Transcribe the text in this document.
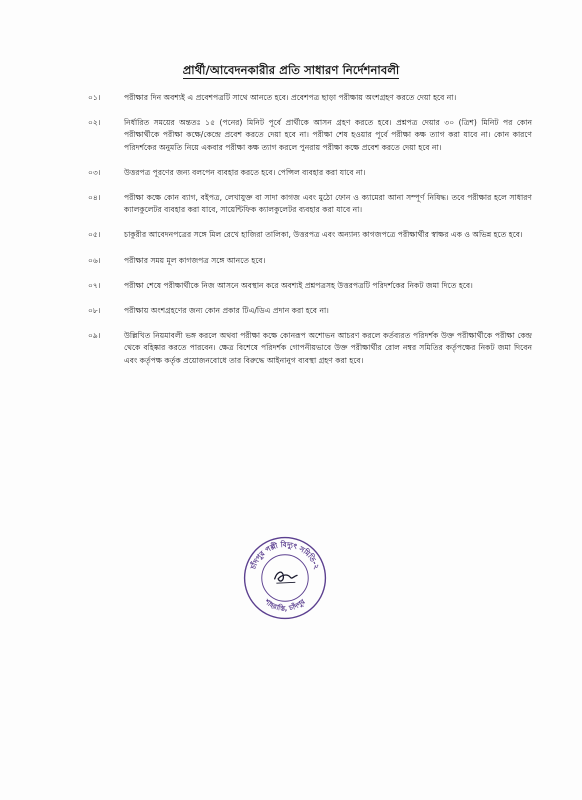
প্রার্থী/আবেদনকারীর প্রতি সাধারণ নির্দেশনাবলী
০১।	পরীক্ষার দিন অবশ্যই এ প্রবেশপত্রটি সাথে আনতে হবে। প্রবেশপত্র ছাড়া পরীক্ষায় অংশগ্রহণ করতে দেয়া হবে না।
০২।	নির্ধারিত সময়ের অন্ততঃ ১৫ (পনের) মিনিট পূর্বে প্রার্থীকে আসন গ্রহণ করতে হবে। প্রশ্নপত্র দেয়ার ৩০ (ত্রিশ) মিনিট পর কোন পরীক্ষার্থীকে পরীক্ষা কক্ষে/কেন্দ্রে প্রবেশ করতে দেয়া হবে না। পরীক্ষা শেষ হওয়ার পূর্বে পরীক্ষা কক্ষ ত্যাগ করা যাবে না। কোন কারণে পরিদর্শকের অনুমতি নিয়ে একবার পরীক্ষা কক্ষ ত্যাগ করলে পুনরায় পরীক্ষা কক্ষে প্রবেশ করতে দেয়া হবে না।
০৩।	উত্তরপত্র পূরণের জন্য বলপেন ব্যবহার করতে হবে। পেন্সিল ব্যবহার করা যাবে না।
০৪।	পরীক্ষা কক্ষে কোন ব্যাগ, বইপত্র, লেখাযুক্ত বা সাদা কাগজ এবং মুঠো ফোন ও ক্যামেরা আনা সম্পূর্ণ নিষিদ্ধ। তবে পরীক্ষার হলে সাধারণ ক্যালকুলেটর ব্যবহার করা যাবে, সায়েন্টিফিক ক্যালকুলেটর ব্যবহার করা যাবে না।
০৫।	চাকুরীর আবেদনপত্রের সঙ্গে মিল রেখে হাজিরা তালিকা, উত্তরপত্র এবং অন্যান্য কাগজপত্রে পরীক্ষার্থীর স্বাক্ষর এক ও অভিন্ন হতে হবে।
০৬।	পরীক্ষার সময় মূল কাগজপত্র সঙ্গে আনতে হবে।
০৭।	পরীক্ষা শেষে পরীক্ষার্থীকে নিজ আসনে অবস্থান করে অবশ্যই প্রশ্নপত্রসহ উত্তরপত্রটি পরিদর্শকের নিকট জমা দিতে হবে।
০৮।	পরীক্ষায় অংশগ্রহণের জন্য কোন প্রকার টিএ/ডিএ প্রদান করা হবে না।
০৯।	উল্লিখিত নিয়মাবলী ভঙ্গ করলে অথবা পরীক্ষা কক্ষে কোনরূপ অশোভন আচরণ করলে কর্তব্যরত পরিদর্শক উক্ত পরীক্ষার্থীকে পরীক্ষা কেন্দ্র থেকে বহিষ্কার করতে পারবেন। ক্ষেত্র বিশেষে পরিদর্শক গোপনীয়ভাবে উক্ত পরীক্ষার্থীর রোল নম্বর সমিতির কর্তৃপক্ষের নিকট জমা দিবেন এবং কর্তৃপক্ষ কর্তৃক প্রয়োজনবোধে তার বিরুদ্ধে আইনানুগ ব্যবস্থা গ্রহণ করা হবে।
চাঁদপুর পল্লী বিদ্যুৎ সমিতি-২
শাহরাস্তি, চাঁদপুর
